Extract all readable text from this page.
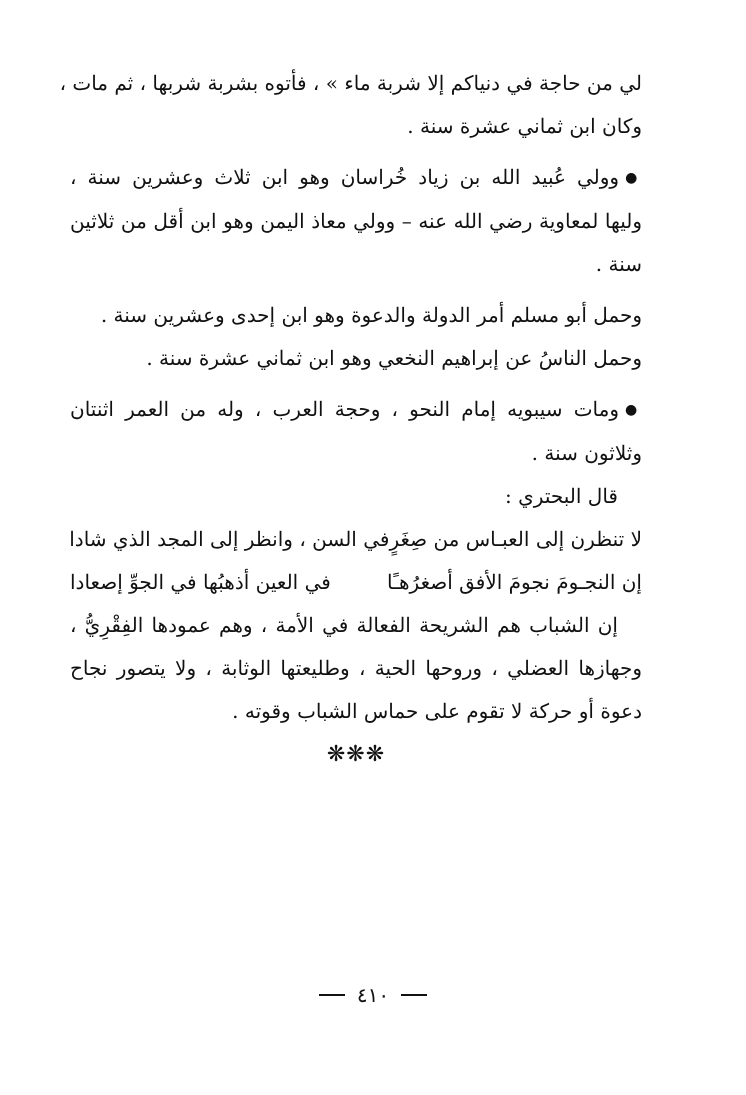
لي من حاجة في دنياكم إلا شربة ماء » ، فأتوه بشربة شربها ، ثم مات ،
وكان ابن ثماني عشرة سنة .
●وولي عُبيد الله بن زياد خُراسان وهو ابن ثلاث وعشرين سنة ،
وليها لمعاوية رضي الله عنه – وولي معاذ اليمن وهو ابن أقل من ثلاثين
سنة .
وحمل أبو مسلم أمر الدولة والدعوة وهو ابن إحدى وعشرين سنة .
وحمل الناسُ عن إبراهيم النخعي وهو ابن ثماني عشرة سنة .
●ومات سيبويه إمام النحو ، وحجة العرب ، وله من العمر اثنتان
وثلاثون سنة .
قال البحتري :
لا تنظرن إلى العبـاس من صِغَرٍ
في السن ، وانظر إلى المجد الذي شادا
إن النجـومَ نجومَ الأفق أصغرُهـًا
في العين أذهبُها في الجوِّ إصعادا
إن الشباب هم الشريحة الفعالة في الأمة ، وهم عمودها الفِقْرِيُّ ،
وجهازها العضلي ، وروحها الحية ، وطليعتها الوثابة ، ولا يتصور نجاح
دعوة أو حركة لا تقوم على حماس الشباب وقوته .
❋❋❋
٤١٠
